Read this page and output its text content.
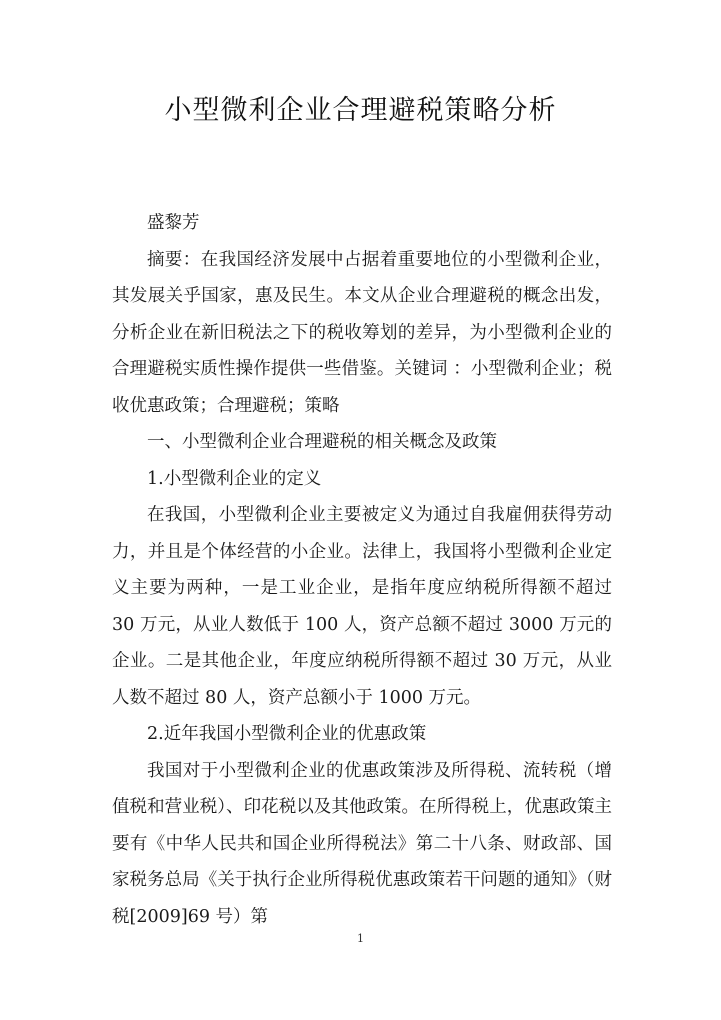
小型微利企业合理避税策略分析

盛黎芳

摘要：在我国经济发展中占据着重要地位的小型微利企业，其发展关乎国家，惠及民生。本文从企业合理避税的概念出发，分析企业在新旧税法之下的税收筹划的差异，为小型微利企业的合理避税实质性操作提供一些借鉴。关键词 ：小型微利企业；税收优惠政策；合理避税；策略

一、小型微利企业合理避税的相关概念及政策

1.小型微利企业的定义

在我国，小型微利企业主要被定义为通过自我雇佣获得劳动力，并且是个体经营的小企业。法律上，我国将小型微利企业定义主要为两种，一是工业企业，是指年度应纳税所得额不超过 30 万元，从业人数低于 100 人，资产总额不超过 3000 万元的企业。二是其他企业，年度应纳税所得额不超过 30 万元，从业人数不超过 80 人，资产总额小于 1000 万元。

2.近年我国小型微利企业的优惠政策

我国对于小型微利企业的优惠政策涉及所得税、流转税（增值税和营业税）、印花税以及其他政策。在所得税上，优惠政策主要有《中华人民共和国企业所得税法》第二十八条、财政部、国家税务总局《关于执行企业所得税优惠政策若干问题的通知》（财税[2009]69 号）第

1
